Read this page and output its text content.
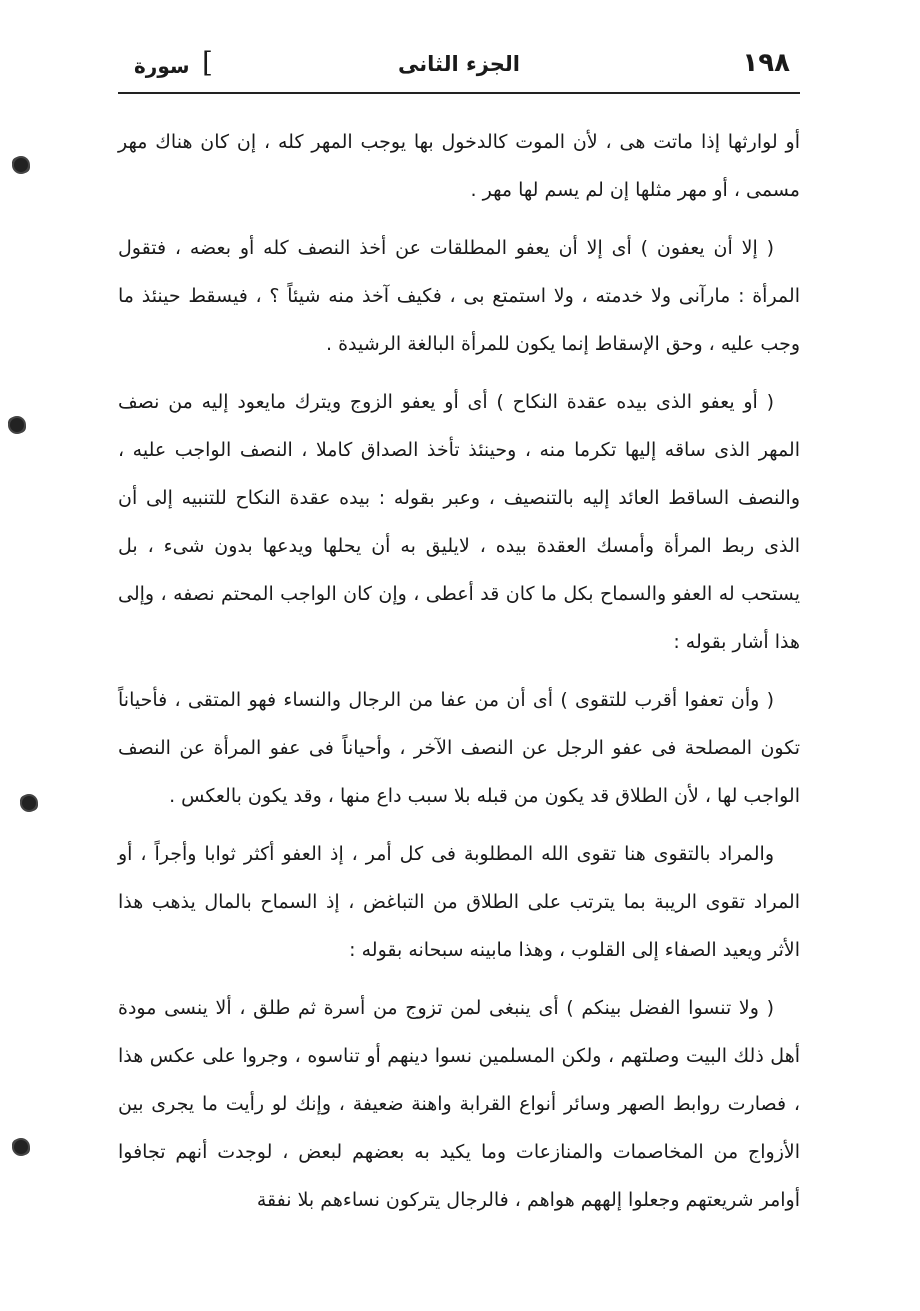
١٩٨
الجزء الثانى
[
سورة

أو لوارثها إذا ماتت هى ، لأن الموت كالدخول بها يوجب المهر كله ، إن كان هناك مهر مسمى ، أو مهر مثلها إن لم يسم لها مهر .

( إلا أن يعفون ) أى إلا أن يعفو المطلقات عن أخذ النصف كله أو بعضه ، فتقول المرأة : مارآنى ولا خدمته ، ولا استمتع بى ، فكيف آخذ منه شيئاً ؟ ، فيسقط حينئذ ما وجب عليه ، وحق الإسقاط إنما يكون للمرأة البالغة الرشيدة .

( أو يعفو الذى بيده عقدة النكاح ) أى أو يعفو الزوج ويترك مايعود إليه من نصف المهر الذى ساقه إليها تكرما منه ، وحينئذ تأخذ الصداق كاملا ، النصف الواجب عليه ، والنصف الساقط العائد إليه بالتنصيف ، وعبر بقوله : بيده عقدة النكاح للتنبيه إلى أن الذى ربط المرأة وأمسك العقدة بيده ، لايليق به أن يحلها ويدعها بدون شىء ، بل يستحب له العفو والسماح بكل ما كان قد أعطى ، وإن كان الواجب المحتم نصفه ، وإلى هذا أشار بقوله :

( وأن تعفوا أقرب للتقوى ) أى أن من عفا من الرجال والنساء فهو المتقى ، فأحياناً تكون المصلحة فى عفو الرجل عن النصف الآخر ، وأحياناً فى عفو المرأة عن النصف الواجب لها ، لأن الطلاق قد يكون من قبله بلا سبب داع منها ، وقد يكون بالعكس .

والمراد بالتقوى هنا تقوى الله المطلوبة فى كل أمر ، إذ العفو أكثر ثوابا وأجراً ، أو المراد تقوى الريبة بما يترتب على الطلاق من التباغض ، إذ السماح بالمال يذهب هذا الأثر ويعيد الصفاء إلى القلوب ، وهذا مابينه سبحانه بقوله :

( ولا تنسوا الفضل بينكم ) أى ينبغى لمن تزوج من أسرة ثم طلق ، ألا ينسى مودة أهل ذلك البيت وصلتهم ، ولكن المسلمين نسوا دينهم أو تناسوه ، وجروا على عكس هذا ، فصارت روابط الصهر وسائر أنواع القرابة واهنة ضعيفة ، وإنك لو رأيت ما يجرى بين الأزواج من المخاصمات والمنازعات وما يكيد به بعضهم لبعض ، لوجدت أنهم تجافوا أوامر شريعتهم وجعلوا إلههم هواهم ، فالرجال يتركون نساءهم بلا نفقة
